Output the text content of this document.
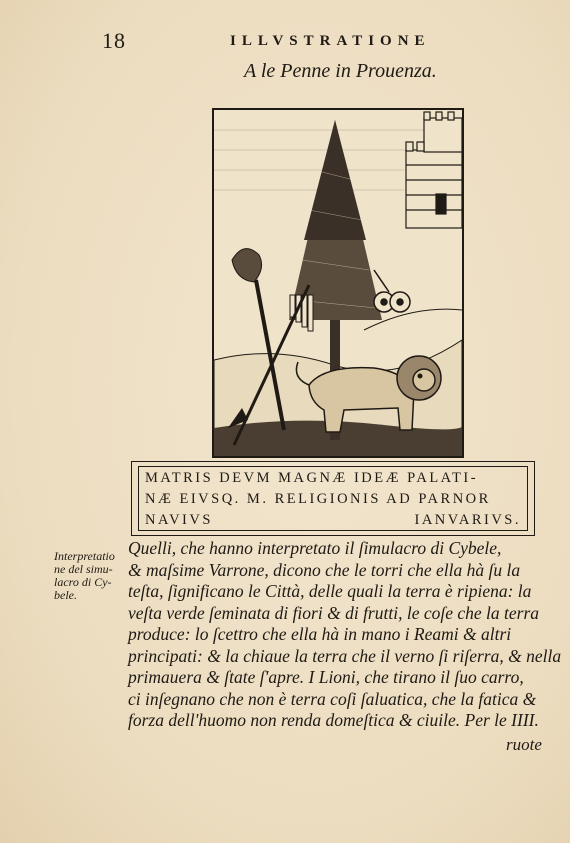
18	ILLVSTRATIONE
A le Penne in Prouenza.
MATRIS DEVM MAGNÆ IDEÆ PALATI-
NÆ EIVSQ. M. RELIGIONIS AD PARNOR
NAVIVS	IANVARIVS.
Interpretatio
ne del simu-
lacro di Cy-
bele.
Quelli, che hanno interpretato il ſimulacro di Cybele,
& maſsime Varrone, dicono che le torri che ella hà ſu la
teſta, ſignificano le Città, delle quali la terra è ripiena: la
veſta verde ſeminata di fiori & di frutti, le coſe che la terra
produce: lo ſcettro che ella hà in mano i Reami & altri
principati: & la chiaue la terra che il verno ſi riſerra, & nella
primauera & ſtate ſ'apre. I Lioni, che tirano il ſuo carro,
ci inſegnano che non è terra coſi ſaluatica, che la fatica &
forza dell'huomo non renda domeſtica & ciuile. Per le IIII.
ruote
